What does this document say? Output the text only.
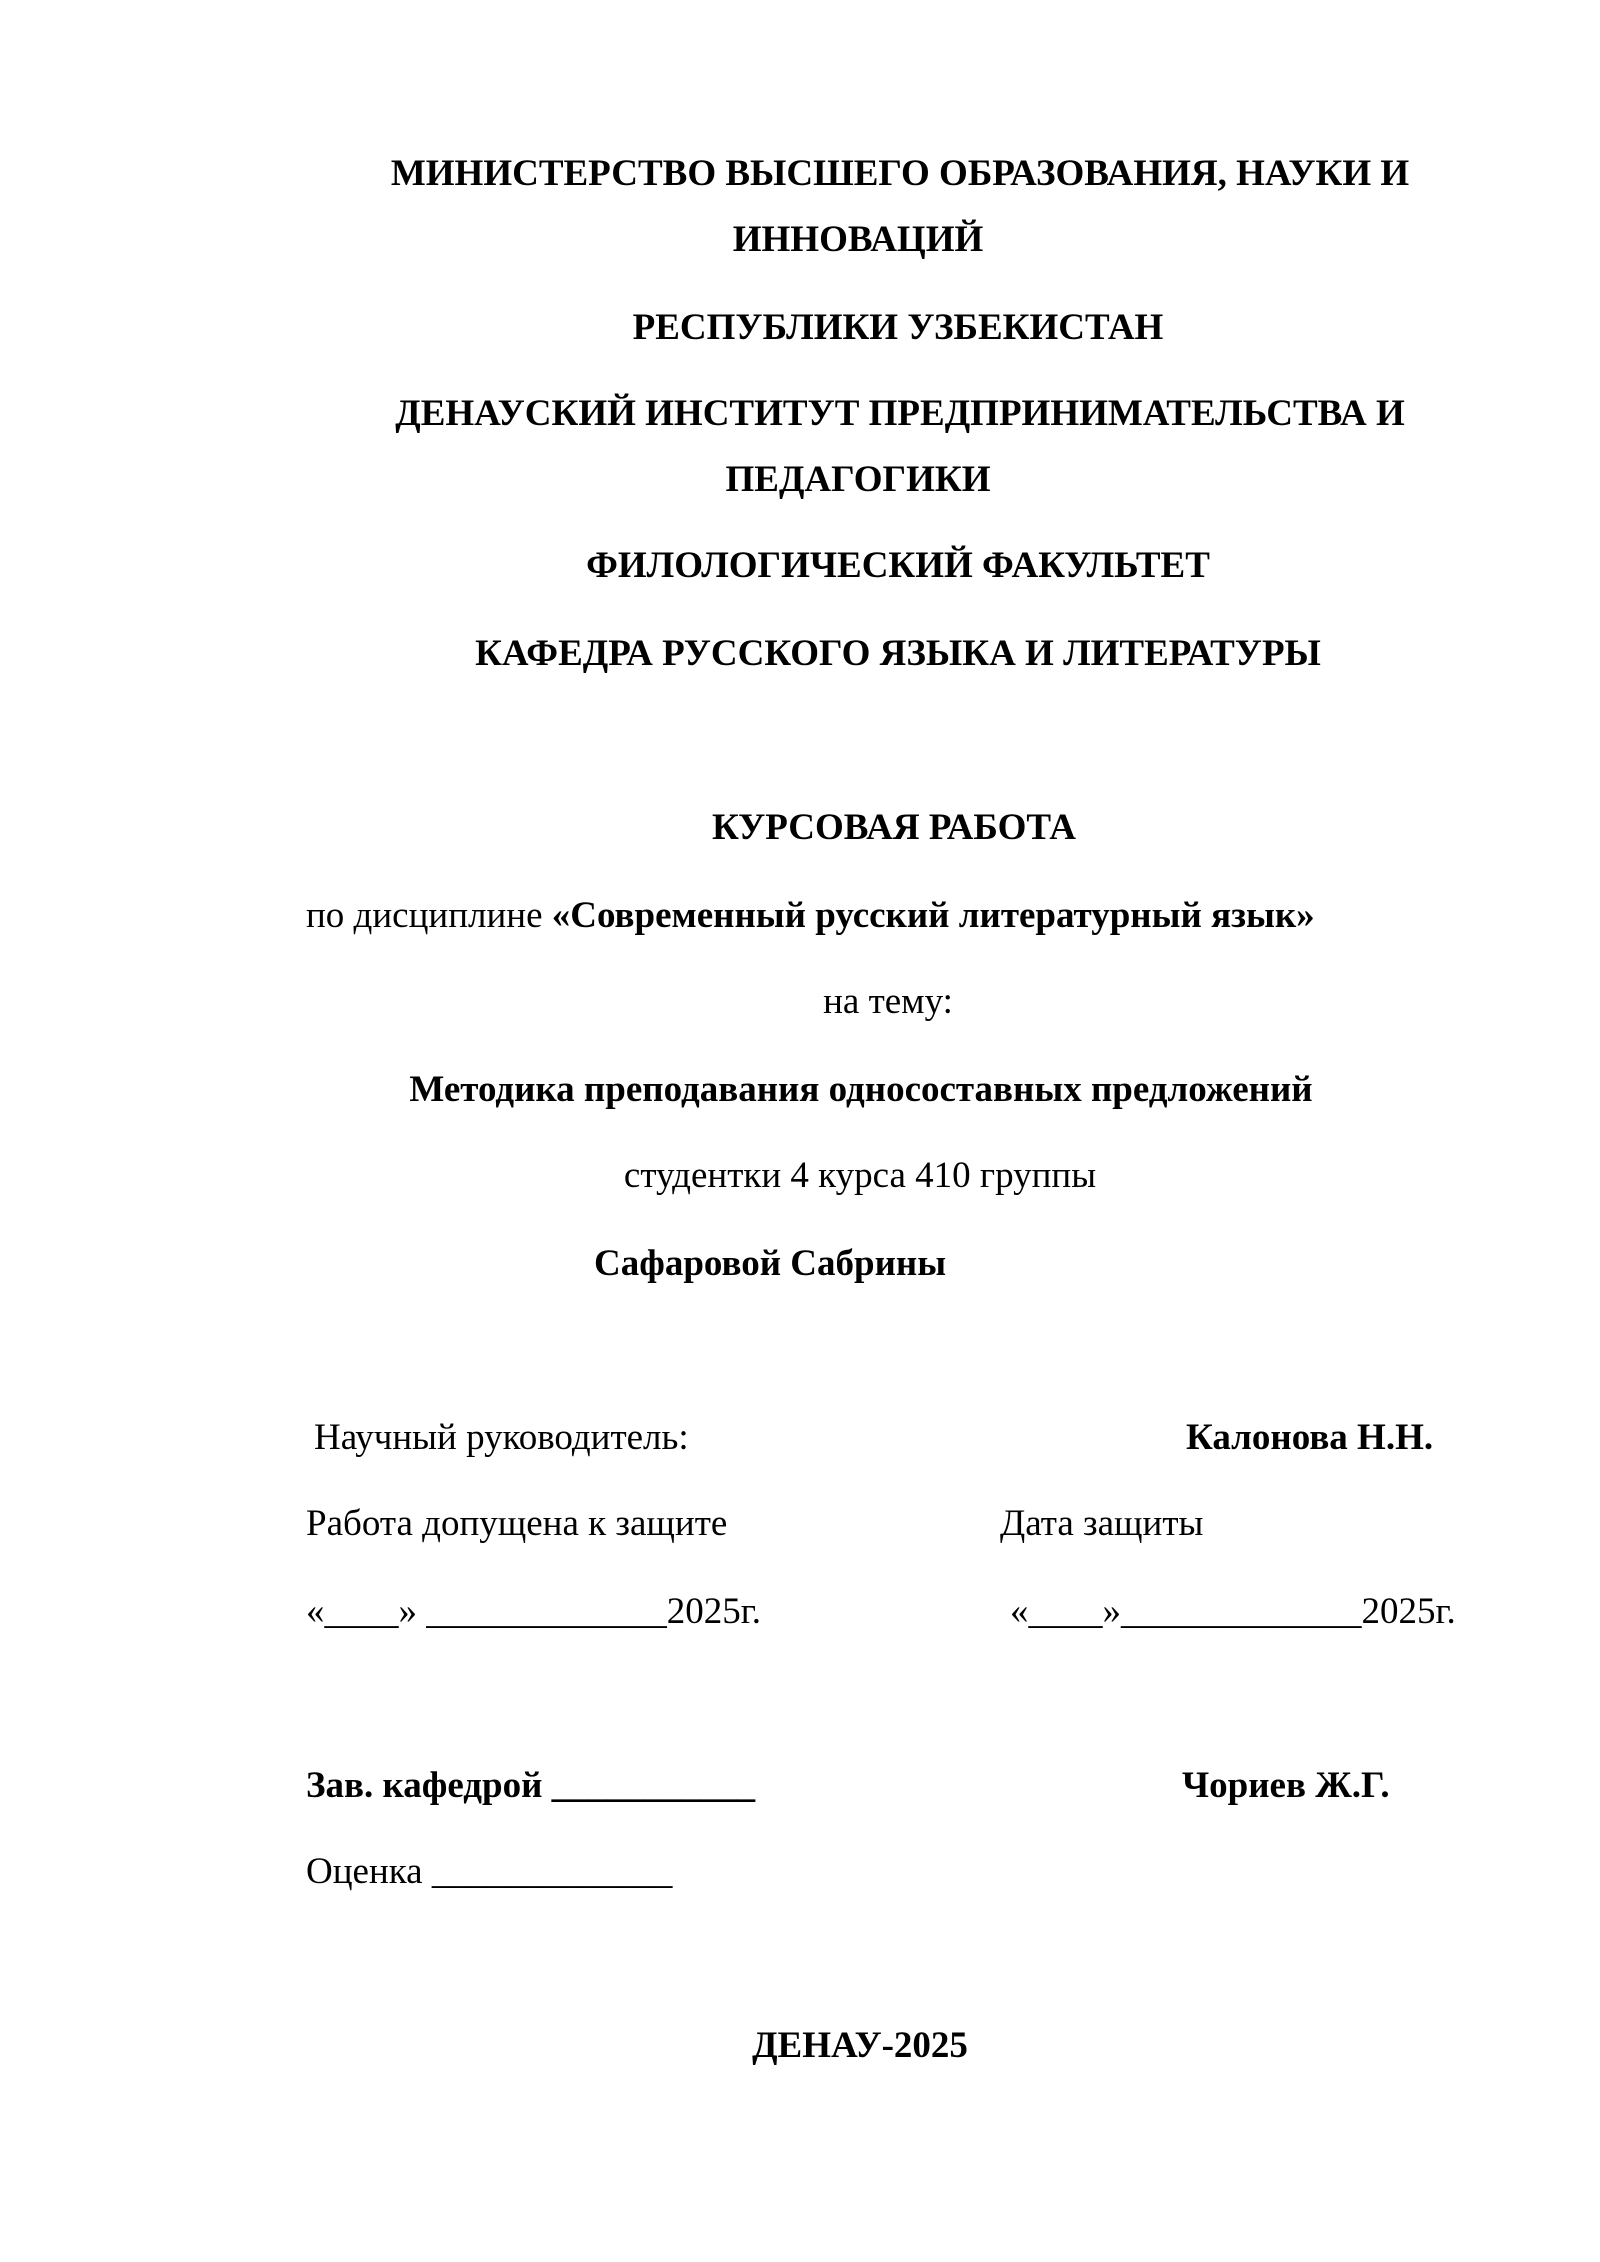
МИНИСТЕРСТВО ВЫСШЕГО ОБРАЗОВАНИЯ, НАУКИ И
ИННОВАЦИЙ
РЕСПУБЛИКИ УЗБЕКИСТАН
ДЕНАУСКИЙ ИНСТИТУТ ПРЕДПРИНИМАТЕЛЬСТВА И
ПЕДАГОГИКИ
ФИЛОЛОГИЧЕСКИЙ ФАКУЛЬТЕТ
КАФЕДРА РУССКОГО ЯЗЫКА И ЛИТЕРАТУРЫ
КУРСОВАЯ РАБОТА
по дисциплине «Современный русский литературный язык»
на тему:
Методика преподавания односоставных предложений
студентки 4 курса 410 группы
Сафаровой Сабрины
Научный руководитель:	Калонова Н.Н.
Работа допущена к защите	Дата защиты
«____» _____________2025г.	«____»_____________2025г.
Зав. кафедрой ___________	Чориев Ж.Г.
Оценка _____________
ДЕНАУ-2025
